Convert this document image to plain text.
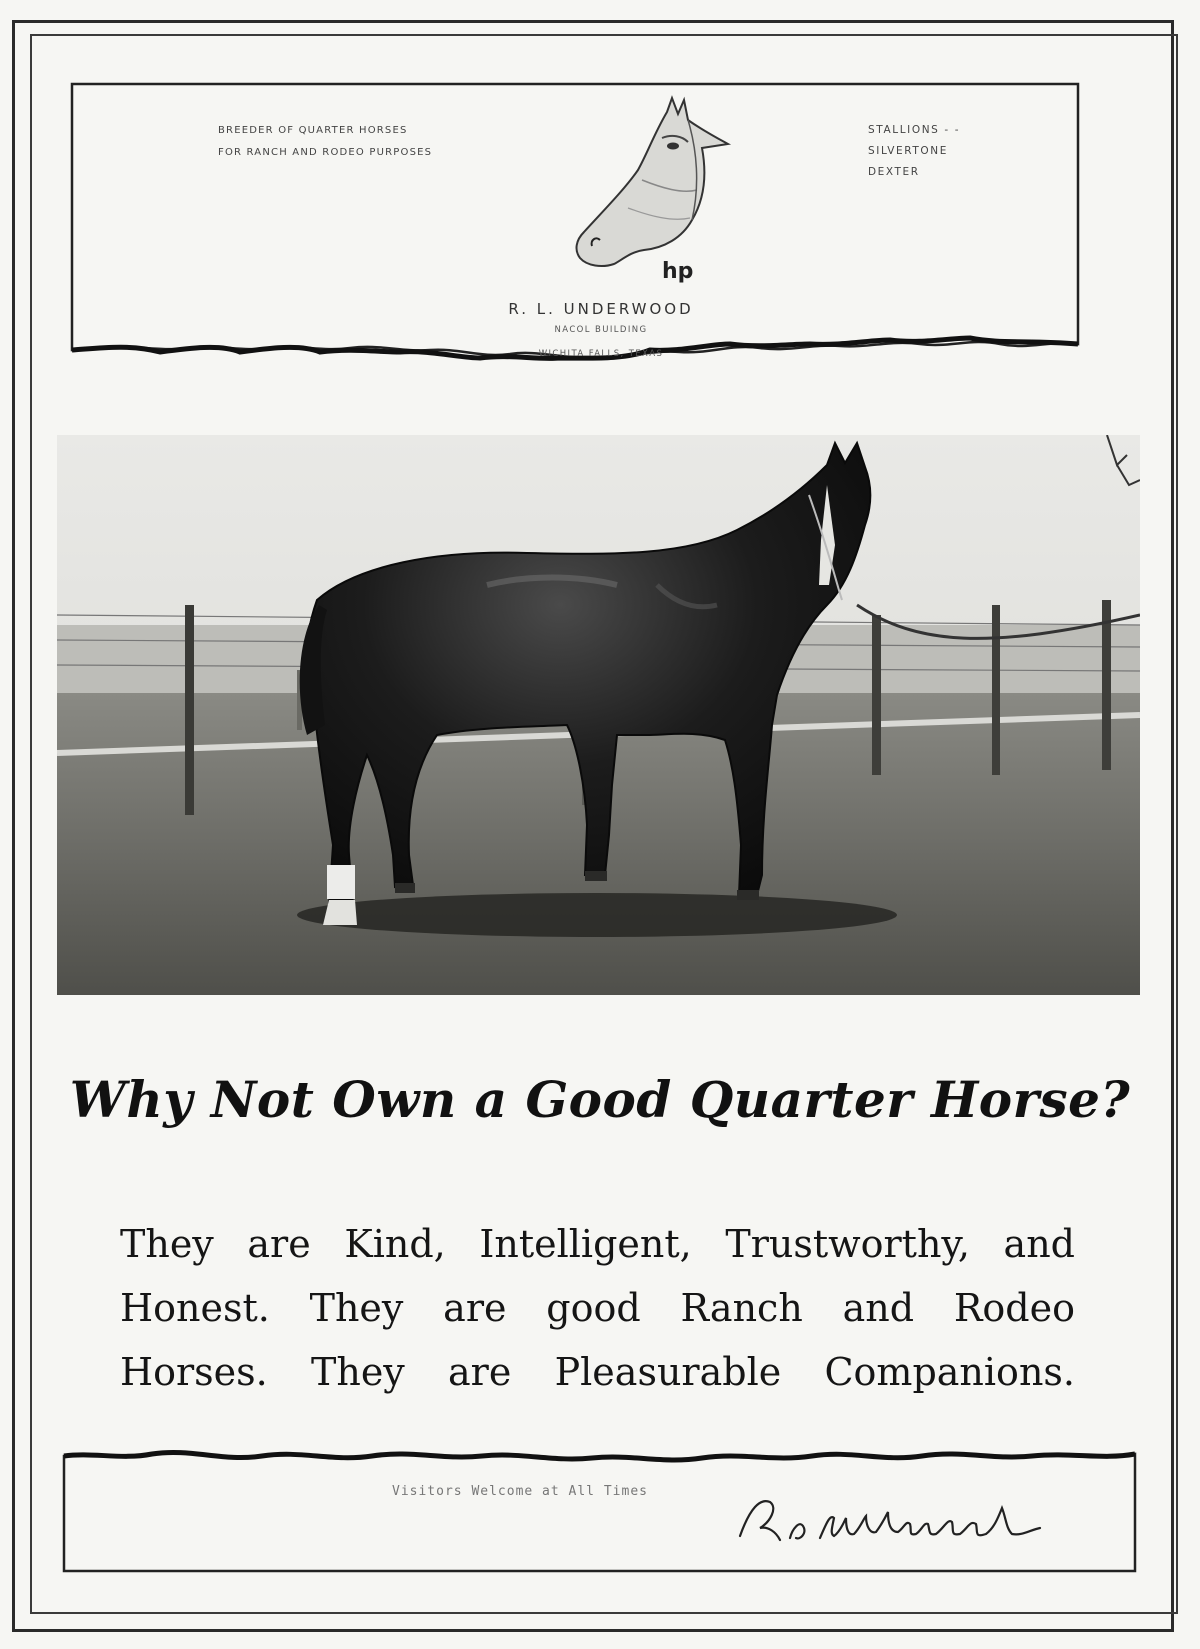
BREEDER OF QUARTER HORSES
FOR RANCH AND RODEO PURPOSES
STALLIONS - -
SILVERTONE
DEXTER
hp
R. L. UNDERWOOD
NACOL BUILDING
WICHITA FALLS, TEXAS
Why Not Own a Good Quarter Horse?
They are Kind, Intelligent, Trustworthy, and
Honest. They are good Ranch and Rodeo
Horses. They are Pleasurable Companions.
Visitors Welcome at All Times
